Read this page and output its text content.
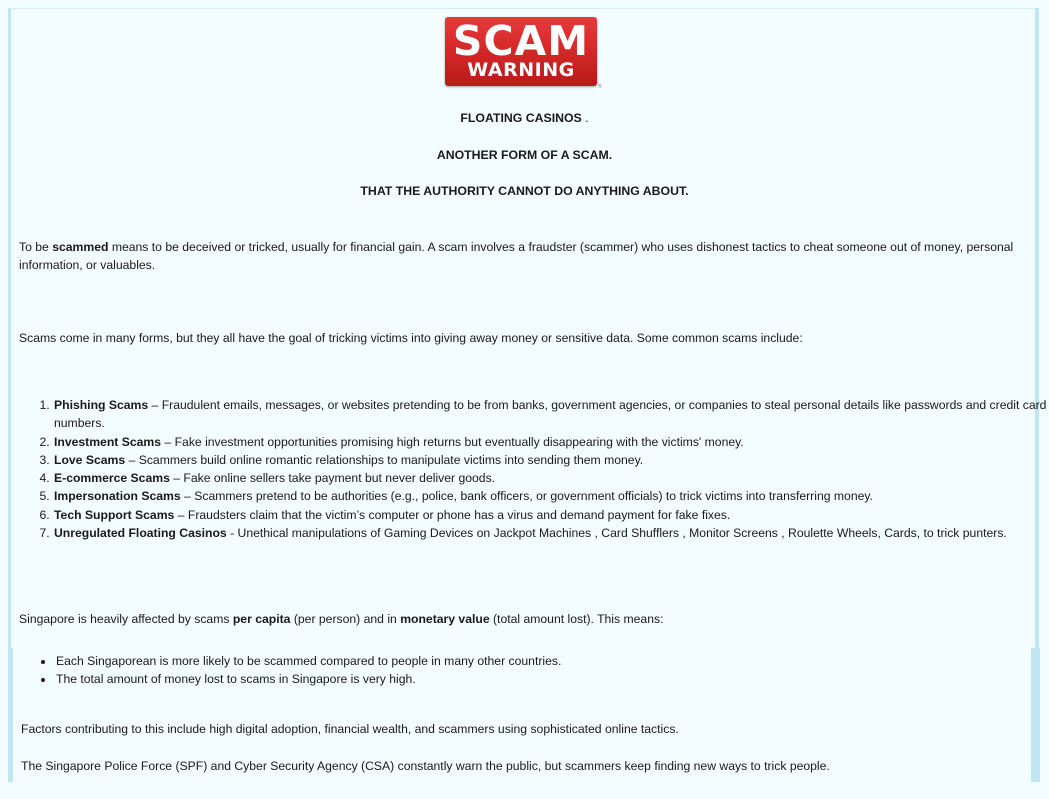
SCAM
WARNING
®
FLOATING CASINOS .
ANOTHER FORM OF A SCAM.
THAT THE AUTHORITY CANNOT DO ANYTHING ABOUT.

To be scammed means to be deceived or tricked, usually for financial gain. A scam involves a fraudster (scammer) who uses dishonest tactics to cheat someone out of money, personal information, or valuables.

Scams come in many forms, but they all have the goal of tricking victims into giving away money or sensitive data. Some common scams include:

1. Phishing Scams – Fraudulent emails, messages, or websites pretending to be from banks, government agencies, or companies to steal personal details like passwords and credit card numbers.
2. Investment Scams – Fake investment opportunities promising high returns but eventually disappearing with the victims' money.
3. Love Scams – Scammers build online romantic relationships to manipulate victims into sending them money.
4. E-commerce Scams – Fake online sellers take payment but never deliver goods.
5. Impersonation Scams – Scammers pretend to be authorities (e.g., police, bank officers, or government officials) to trick victims into transferring money.
6. Tech Support Scams – Fraudsters claim that the victim’s computer or phone has a virus and demand payment for fake fixes.
7. Unregulated Floating Casinos - Unethical manipulations of Gaming Devices on Jackpot Machines , Card Shufflers , Monitor Screens , Roulette Wheels, Cards, to trick punters.

Singapore is heavily affected by scams per capita (per person) and in monetary value (total amount lost). This means:

• Each Singaporean is more likely to be scammed compared to people in many other countries.
• The total amount of money lost to scams in Singapore is very high.

Factors contributing to this include high digital adoption, financial wealth, and scammers using sophisticated online tactics.

The Singapore Police Force (SPF) and Cyber Security Agency (CSA) constantly warn the public, but scammers keep finding new ways to trick people.
